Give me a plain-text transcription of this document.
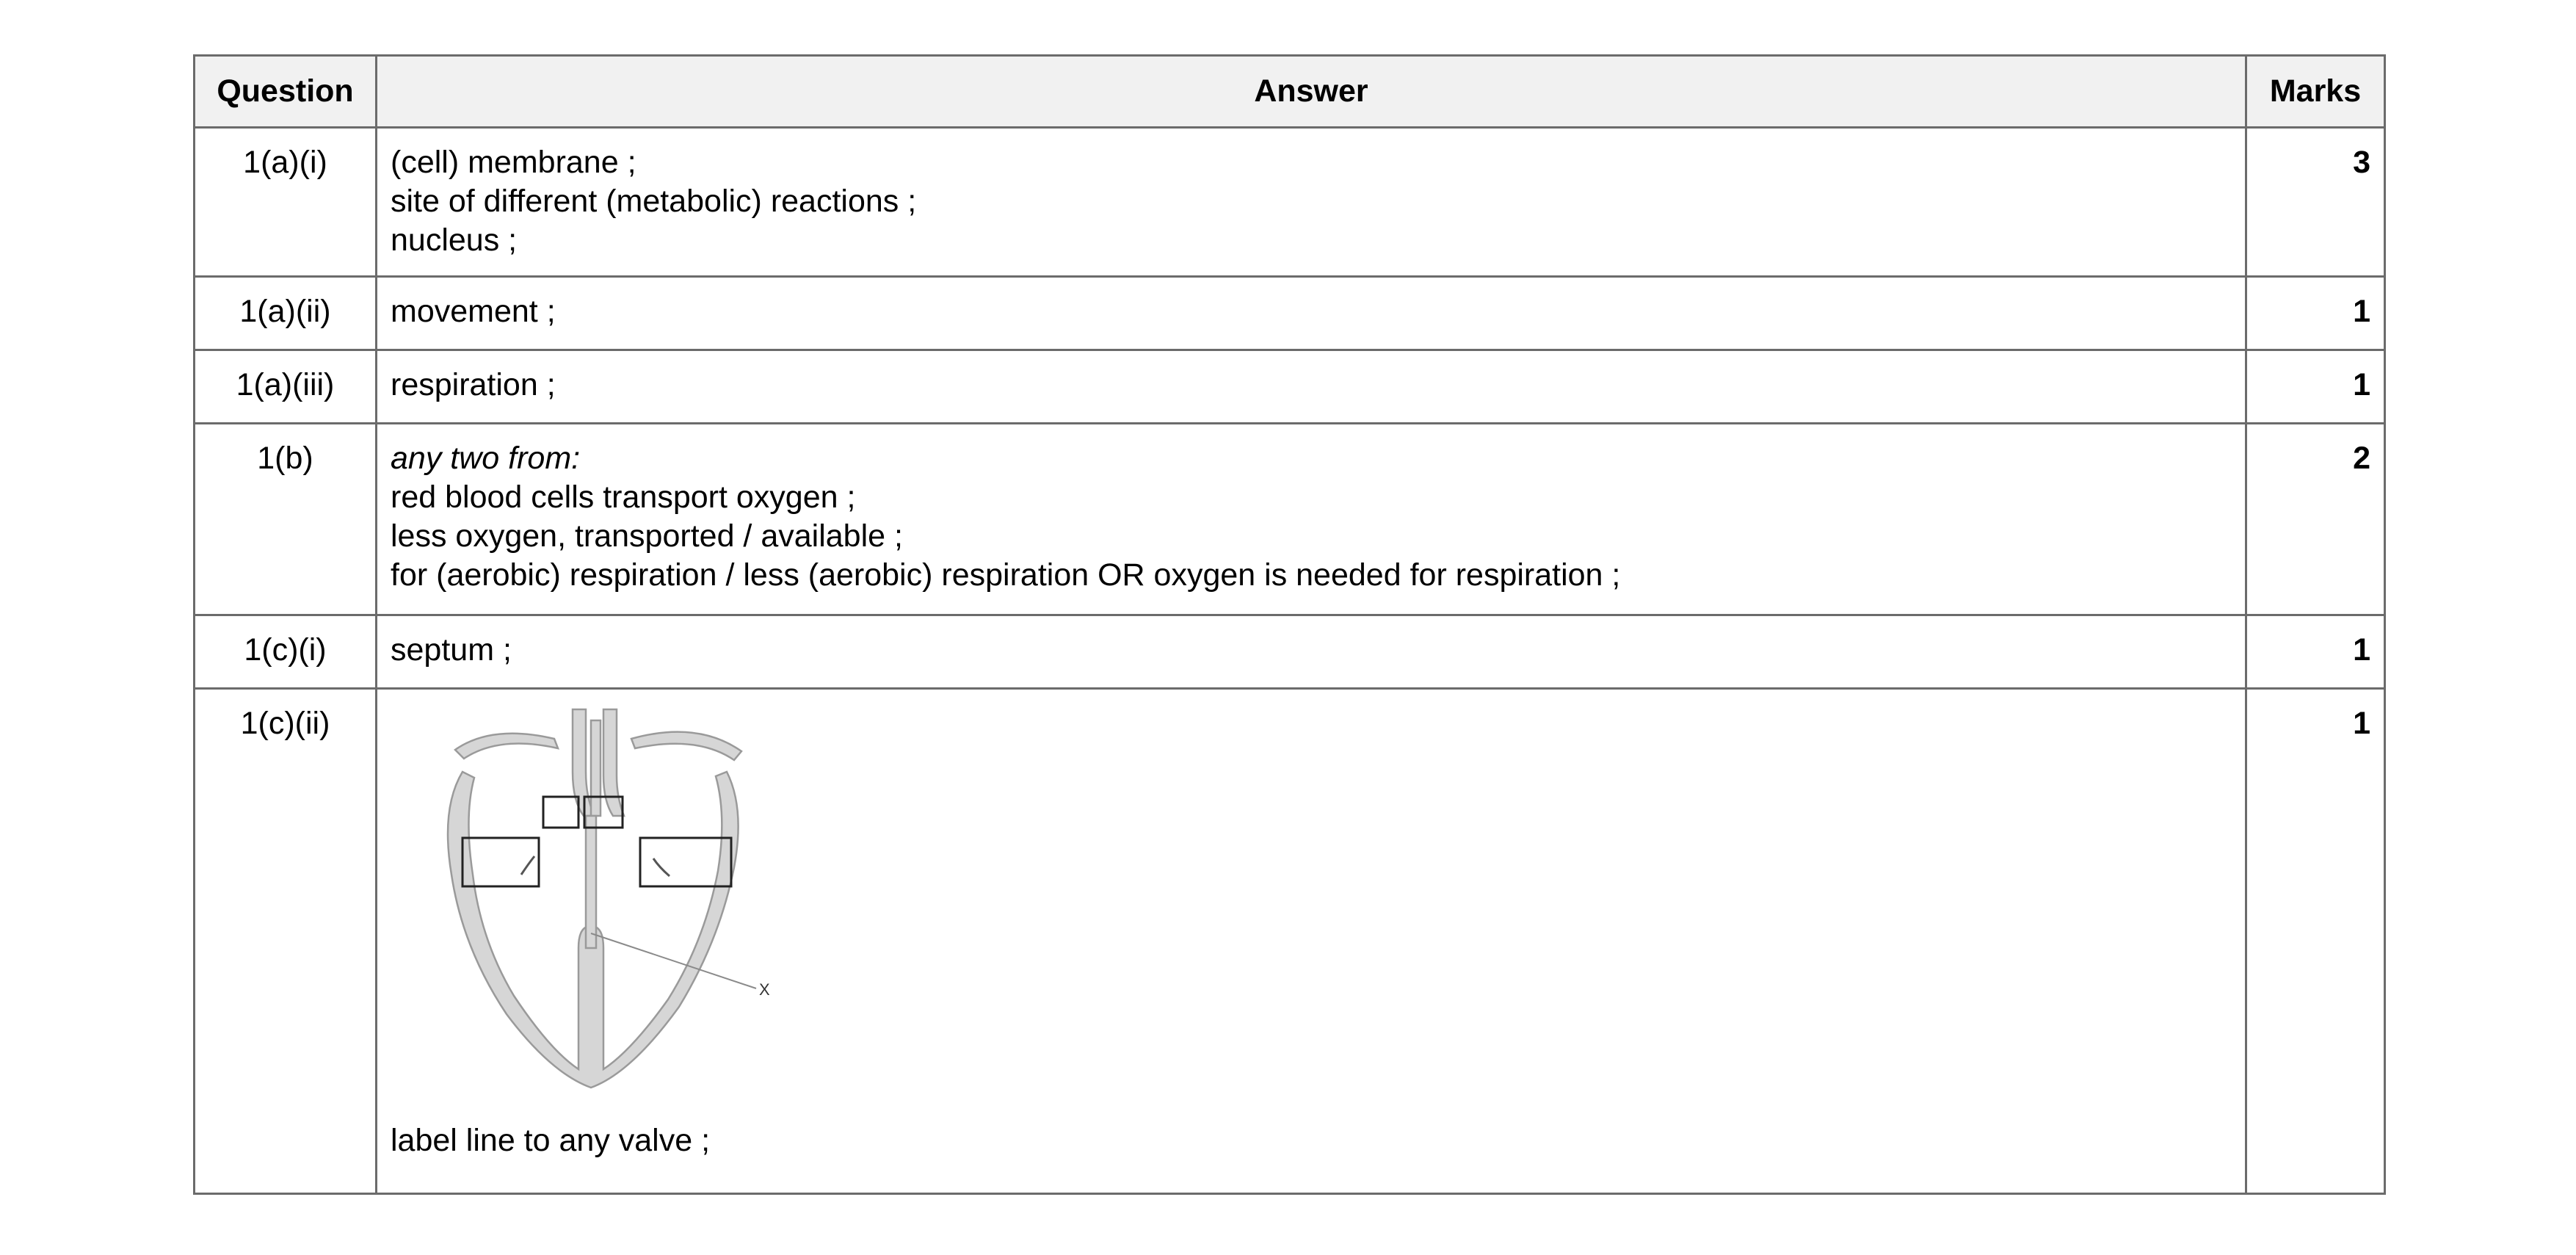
Question	Answer	Marks
1(a)(i)	(cell) membrane ;
site of different (metabolic) reactions ;
nucleus ;	3
1(a)(ii)	movement ;	1
1(a)(iii)	respiration ;	1
1(b)	any two from:
red blood cells transport oxygen ;
less oxygen, transported / available ;
for (aerobic) respiration / less (aerobic) respiration OR oxygen is needed for respiration ;	2
1(c)(i)	septum ;	1
1(c)(ii)	X
label line to any valve ;	1
